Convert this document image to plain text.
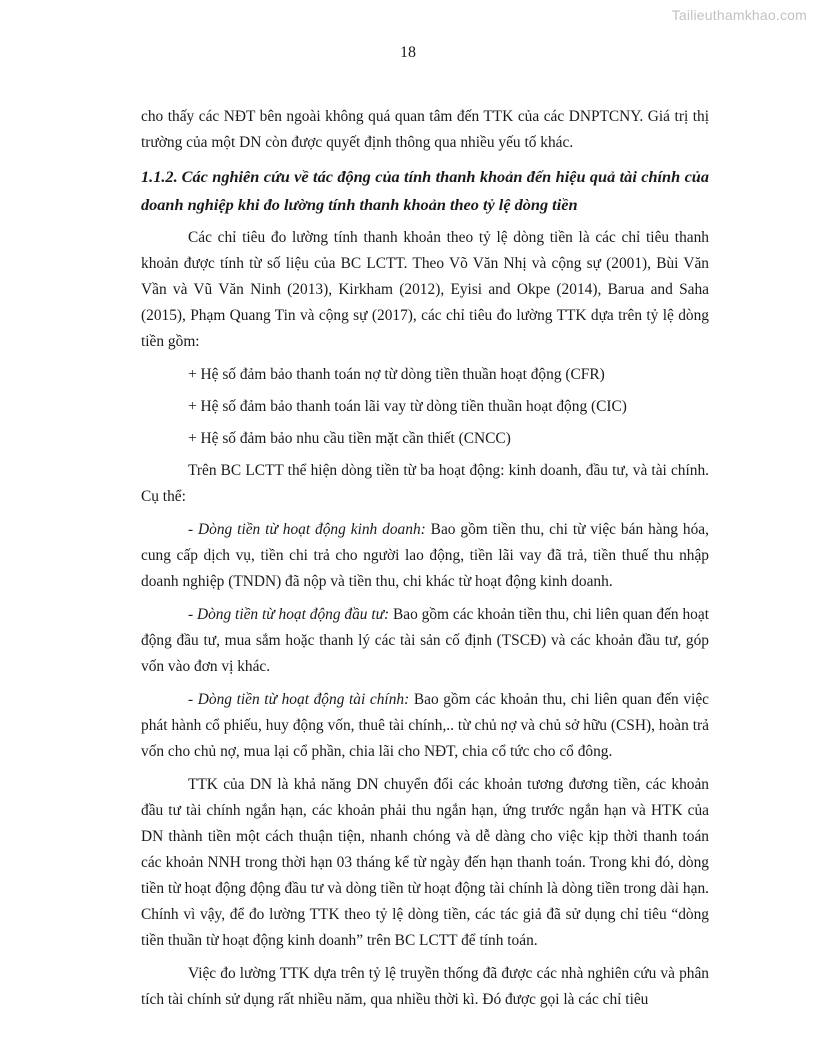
Tailieuthamkhao.com
18

cho thấy các NĐT bên ngoài không quá quan tâm đến TTK của các DNPTCNY. Giá trị thị trường của một DN còn được quyết định thông qua nhiều yếu tố khác.

1.1.2. Các nghiên cứu về tác động của tính thanh khoản đến hiệu quả tài chính của doanh nghiệp khi đo lường tính thanh khoản theo tỷ lệ dòng tiền

Các chỉ tiêu đo lường tính thanh khoản theo tỷ lệ dòng tiền là các chỉ tiêu thanh khoản được tính từ số liệu của BC LCTT. Theo Võ Văn Nhị và cộng sự (2001), Bùi Văn Vần và Vũ Văn Ninh (2013), Kirkham (2012), Eyisi and Okpe (2014), Barua and Saha (2015), Phạm Quang Tin và cộng sự (2017), các chỉ tiêu đo lường TTK dựa trên tỷ lệ dòng tiền gồm:

+ Hệ số đảm bảo thanh toán nợ từ dòng tiền thuần hoạt động (CFR)

+ Hệ số đảm bảo thanh toán lãi vay từ dòng tiền thuần hoạt động (CIC)

+ Hệ số đảm bảo nhu cầu tiền mặt cần thiết (CNCC)

Trên BC LCTT thể hiện dòng tiền từ ba hoạt động: kinh doanh, đầu tư, và tài chính. Cụ thể:

- Dòng tiền từ hoạt động kinh doanh: Bao gồm tiền thu, chi từ việc bán hàng hóa, cung cấp dịch vụ, tiền chi trả cho người lao động, tiền lãi vay đã trả, tiền thuế thu nhập doanh nghiệp (TNDN) đã nộp và tiền thu, chi khác từ hoạt động kinh doanh.

- Dòng tiền từ hoạt động đầu tư: Bao gồm các khoản tiền thu, chi liên quan đến hoạt động đầu tư, mua sắm hoặc thanh lý các tài sản cố định (TSCĐ) và các khoản đầu tư, góp vốn vào đơn vị khác.

- Dòng tiền từ hoạt động tài chính: Bao gồm các khoản thu, chi liên quan đến việc phát hành cổ phiếu, huy động vốn, thuê tài chính,.. từ chủ nợ và chủ sở hữu (CSH), hoàn trả vốn cho chủ nợ, mua lại cổ phần, chia lãi cho NĐT, chia cổ tức cho cổ đông.

TTK của DN là khả năng DN chuyển đổi các khoản tương đương tiền, các khoản đầu tư tài chính ngắn hạn, các khoản phải thu ngắn hạn, ứng trước ngắn hạn và HTK của DN thành tiền một cách thuận tiện, nhanh chóng và dễ dàng cho việc kịp thời thanh toán các khoản NNH trong thời hạn 03 tháng kể từ ngày đến hạn thanh toán. Trong khi đó, dòng tiền từ hoạt động động đầu tư và dòng tiền từ hoạt động tài chính là dòng tiền trong dài hạn. Chính vì vậy, để đo lường TTK theo tỷ lệ dòng tiền, các tác giả đã sử dụng chỉ tiêu “dòng tiền thuần từ hoạt động kinh doanh” trên BC LCTT để tính toán.

Việc đo lường TTK dựa trên tỷ lệ truyền thống đã được các nhà nghiên cứu và phân tích tài chính sử dụng rất nhiều năm, qua nhiều thời kì. Đó được gọi là các chỉ tiêu
